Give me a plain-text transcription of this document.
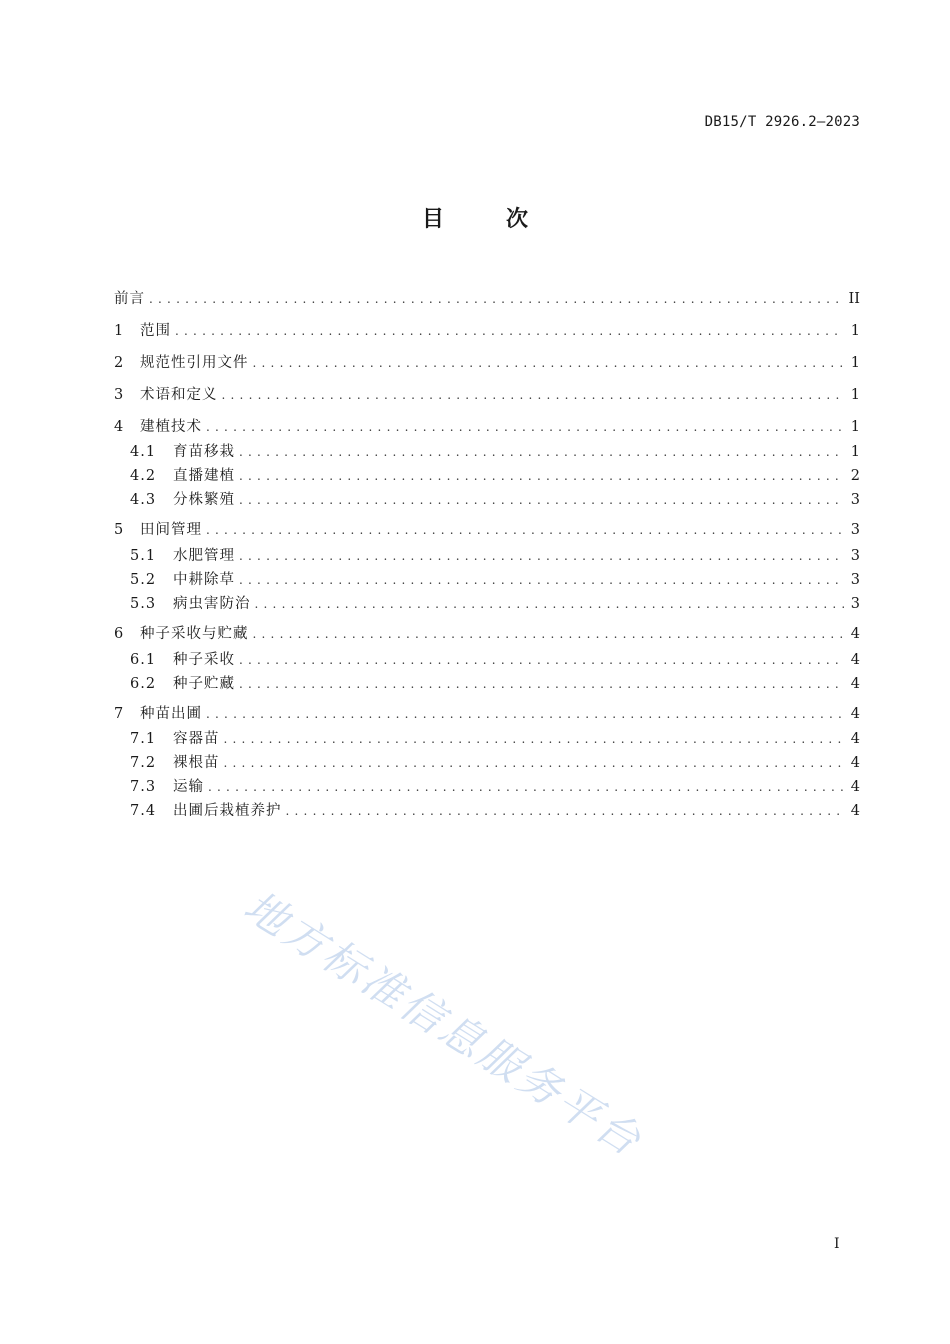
DB15/T 2926.2—2023
目	次
前言 . . .	II
1	范围 . . .	1
2	规范性引用文件 . . .	1
3	术语和定义 . . .	1
4	建植技术 . . .	1
4.1	育苗移栽 . . .	1
4.2	直播建植 . . .	2
4.3	分株繁殖 . . .	3
5	田间管理 . . .	3
5.1	水肥管理 . . .	3
5.2	中耕除草 . . .	3
5.3	病虫害防治 . . .	3
6	种子采收与贮藏 . . .	4
6.1	种子采收 . . .	4
6.2	种子贮藏 . . .	4
7	种苗出圃 . . .	4
7.1	容器苗 . . .	4
7.2	裸根苗 . . .	4
7.3	运输 . . .	4
7.4	出圃后栽植养护 . . .	4
地方标准信息服务平台
I
